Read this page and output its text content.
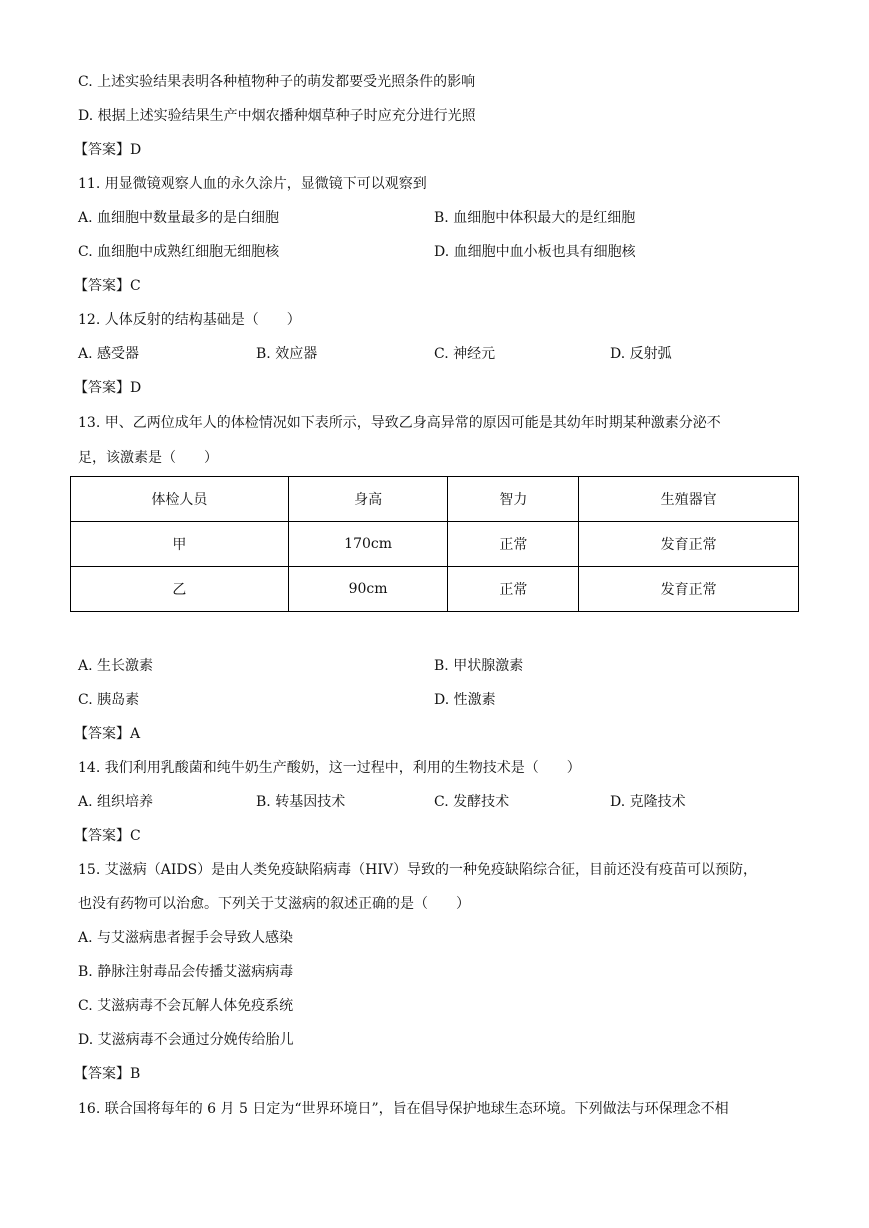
C. 上述实验结果表明各种植物种子的萌发都要受光照条件的影响
D. 根据上述实验结果生产中烟农播种烟草种子时应充分进行光照
【答案】D
11. 用显微镜观察人血的永久涂片，显微镜下可以观察到
A. 血细胞中数量最多的是白细胞	B. 血细胞中体积最大的是红细胞
C. 血细胞中成熟红细胞无细胞核	D. 血细胞中血小板也具有细胞核
【答案】C
12. 人体反射的结构基础是（　　）
A. 感受器	B. 效应器	C. 神经元	D. 反射弧
【答案】D
13. 甲、乙两位成年人的体检情况如下表所示，导致乙身高异常的原因可能是其幼年时期某种激素分泌不
足，该激素是（　　）
体检人员	身高	智力	生殖器官
甲	170cm	正常	发育正常
乙	90cm	正常	发育正常
A. 生长激素	B. 甲状腺激素
C. 胰岛素	D. 性激素
【答案】A
14. 我们利用乳酸菌和纯牛奶生产酸奶，这一过程中，利用的生物技术是（　　）
A. 组织培养	B. 转基因技术	C. 发酵技术	D. 克隆技术
【答案】C
15. 艾滋病（AIDS）是由人类免疫缺陷病毒（HIV）导致的一种免疫缺陷综合征，目前还没有疫苗可以预防，
也没有药物可以治愈。下列关于艾滋病的叙述正确的是（　　）
A. 与艾滋病患者握手会导致人感染
B. 静脉注射毒品会传播艾滋病病毒
C. 艾滋病毒不会瓦解人体免疫系统
D. 艾滋病毒不会通过分娩传给胎儿
【答案】B
16. 联合国将每年的 6 月 5 日定为“世界环境日”，旨在倡导保护地球生态环境。下列做法与环保理念不相
